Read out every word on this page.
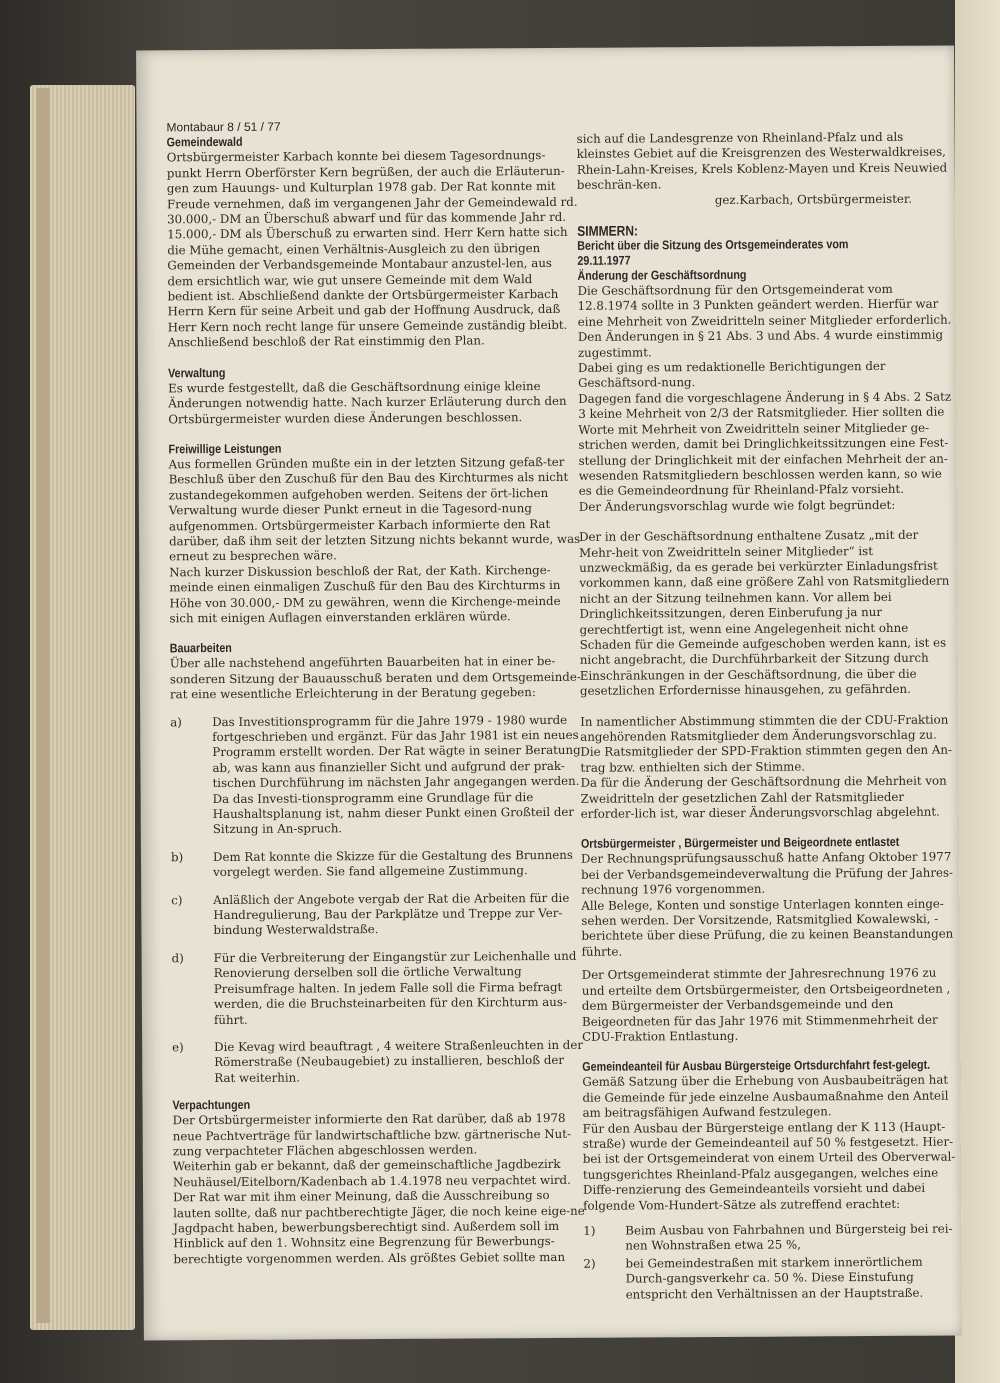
Montabaur 8 / 51 / 77

Gemeindewald

Ortsbürgermeister Karbach konnte bei diesem Tagesordnungs-punkt Herrn Oberförster Kern begrüßen, der auch die Erläuterun-gen zum Hauungs- und Kulturplan 1978 gab. Der Rat konnte mit Freude vernehmen, daß im vergangenen Jahr der Gemeindewald rd. 30.000,- DM an Überschuß abwarf und für das kommende Jahr rd. 15.000,- DM als Überschuß zu erwarten sind. Herr Kern hatte sich die Mühe gemacht, einen Verhältnis-Ausgleich zu den übrigen Gemeinden der Verbandsgemeinde Montabaur anzustel-len, aus dem ersichtlich war, wie gut unsere Gemeinde mit dem Wald bedient ist. Abschließend dankte der Ortsbürgermeister Karbach Herrn Kern für seine Arbeit und gab der Hoffnung Ausdruck, daß Herr Kern noch recht lange für unsere Gemeinde zuständig bleibt. Anschließend beschloß der Rat einstimmig den Plan.

Verwaltung

Es wurde festgestellt, daß die Geschäftsordnung einige kleine Änderungen notwendig hatte. Nach kurzer Erläuterung durch den Ortsbürgermeister wurden diese Änderungen beschlossen.

Freiwillige Leistungen

Aus formellen Gründen mußte ein in der letzten Sitzung gefaß-ter Beschluß über den Zuschuß für den Bau des Kirchturmes als nicht zustandegekommen aufgehoben werden. Seitens der ört-lichen Verwaltung wurde dieser Punkt erneut in die Tagesord-nung aufgenommen. Ortsbürgermeister Karbach informierte den Rat darüber, daß ihm seit der letzten Sitzung nichts bekannt wurde, was erneut zu besprechen wäre.

Nach kurzer Diskussion beschloß der Rat, der Kath. Kirchenge-meinde einen einmaligen Zuschuß für den Bau des Kirchturms in Höhe von 30.000,- DM zu gewähren, wenn die Kirchenge-meinde sich mit einigen Auflagen einverstanden erklären würde.

Bauarbeiten

Über alle nachstehend angeführten Bauarbeiten hat in einer be-sonderen Sitzung der Bauausschuß beraten und dem Ortsgemeinde-rat eine wesentliche Erleichterung in der Beratung gegeben:

a)	Das Investitionsprogramm für die Jahre 1979 - 1980 wurde fortgeschrieben und ergänzt. Für das Jahr 1981 ist ein neues Programm erstellt worden. Der Rat wägte in seiner Beratung ab, was kann aus finanzieller Sicht und aufgrund der prak-tischen Durchführung im nächsten Jahr angegangen werden. Da das Investi-tionsprogramm eine Grundlage für die Haushaltsplanung ist, nahm dieser Punkt einen Großteil der Sitzung in An-spruch.
b)	Dem Rat konnte die Skizze für die Gestaltung des Brunnens vorgelegt werden. Sie fand allgemeine Zustimmung.
c)	Anläßlich der Angebote vergab der Rat die Arbeiten für die Handregulierung, Bau der Parkplätze und Treppe zur Ver-bindung Westerwaldstraße.
d)	Für die Verbreiterung der Eingangstür zur Leichenhalle und Renovierung derselben soll die örtliche Verwaltung Preisumfrage halten. In jedem Falle soll die Firma befragt werden, die die Bruchsteinarbeiten für den Kirchturm aus-führt.
e)	Die Kevag wird beauftragt , 4 weitere Straßenleuchten in der Römerstraße (Neubaugebiet) zu installieren, beschloß der Rat weiterhin.

Verpachtungen

Der Ortsbürgermeister informierte den Rat darüber, daß ab 1978 neue Pachtverträge für landwirtschaftliche bzw. gärtnerische Nut-zung verpachteter Flächen abgeschlossen werden.

Weiterhin gab er bekannt, daß der gemeinschaftliche Jagdbezirk Neuhäusel/Eitelborn/Kadenbach ab 1.4.1978 neu verpachtet wird.

Der Rat war mit ihm einer Meinung, daß die Ausschreibung so lauten sollte, daß nur pachtberechtigte Jäger, die noch keine eige-ne Jagdpacht haben, bewerbungsberechtigt sind. Außerdem soll im Hinblick auf den 1. Wohnsitz eine Begrenzung für Bewerbungs-berechtigte vorgenommen werden. Als größtes Gebiet sollte man

sich auf die Landesgrenze von Rheinland-Pfalz und als kleinstes Gebiet auf die Kreisgrenzen des Westerwaldkreises, Rhein-Lahn-Kreises, Krels Koblenz-Mayen und Kreis Neuwied beschrän-ken.

gez.Karbach, Ortsbürgermeister.

SIMMERN:

Bericht über die Sitzung des Ortsgemeinderates vom

29.11.1977

Änderung der Geschäftsordnung

Die Geschäftsordnung für den Ortsgemeinderat vom 12.8.1974 sollte in 3 Punkten geändert werden. Hierfür war eine Mehrheit von Zweidritteln seiner Mitglieder erforderlich.

Den Änderungen in § 21 Abs. 3 und Abs. 4 wurde einstimmig zugestimmt.

Dabei ging es um redaktionelle Berichtigungen der Geschäftsord-nung.

Dagegen fand die vorgeschlagene Änderung in § 4 Abs. 2 Satz 3 keine Mehrheit von 2/3 der Ratsmitglieder. Hier sollten die Worte mit Mehrheit von Zweidritteln seiner Mitglieder ge-strichen werden, damit bei Dringlichkeitssitzungen eine Fest-stellung der Dringlichkeit mit der einfachen Mehrheit der an-wesenden Ratsmitgliedern beschlossen werden kann, so wie es die Gemeindeordnung für Rheinland-Pfalz vorsieht.

Der Änderungsvorschlag wurde wie folgt begründet:

Der in der Geschäftsordnung enthaltene Zusatz „mit der Mehr-heit von Zweidritteln seiner Mitglieder“ ist unzweckmäßig, da es gerade bei verkürzter Einladungsfrist vorkommen kann, daß eine größere Zahl von Ratsmitgliedern nicht an der Sitzung teilnehmen kann. Vor allem bei Dringlichkeitssitzungen, deren Einberufung ja nur gerechtfertigt ist, wenn eine Angelegenheit nicht ohne Schaden für die Gemeinde aufgeschoben werden kann, ist es nicht angebracht, die Durchführbarkeit der Sitzung durch Einschränkungen in der Geschäftsordnung, die über die gesetzlichen Erfordernisse hinausgehen, zu gefährden.

In namentlicher Abstimmung stimmten die der CDU-Fraktion angehörenden Ratsmitglieder dem Änderungsvorschlag zu.

Die Ratsmitglieder der SPD-Fraktion stimmten gegen den An-trag bzw. enthielten sich der Stimme.

Da für die Änderung der Geschäftsordnung die Mehrheit von Zweidritteln der gesetzlichen Zahl der Ratsmitglieder erforder-lich ist, war dieser Änderungsvorschlag abgelehnt.

Ortsbürgermeister , Bürgermeister und Beigeordnete entlastet

Der Rechnungsprüfungsausschuß hatte Anfang Oktober 1977 bei der Verbandsgemeindeverwaltung die Prüfung der Jahres-rechnung 1976 vorgenommen.

Alle Belege, Konten und sonstige Unterlagen konnten einge-sehen werden. Der Vorsitzende, Ratsmitglied Kowalewski, -berichtete über diese Prüfung, die zu keinen Beanstandungen führte.

Der Ortsgemeinderat stimmte der Jahresrechnung 1976 zu und erteilte dem Ortsbürgermeister, den Ortsbeigeordneten , dem Bürgermeister der Verbandsgemeinde und den Beigeordneten für das Jahr 1976 mit Stimmenmehrheit der CDU-Fraktion Entlastung.

Gemeindeanteil für Ausbau Bürgersteige Ortsdurchfahrt fest-gelegt.

Gemäß Satzung über die Erhebung von Ausbaubeiträgen hat die Gemeinde für jede einzelne Ausbaumaßnahme den Anteil am beitragsfähigen Aufwand festzulegen.

Für den Ausbau der Bürgersteige entlang der K 113 (Haupt-straße) wurde der Gemeindeanteil auf 50 % festgesetzt. Hier-bei ist der Ortsgemeinderat von einem Urteil des Oberverwal-tungsgerichtes Rheinland-Pfalz ausgegangen, welches eine Diffe-renzierung des Gemeindeanteils vorsieht und dabei folgende Vom-Hundert-Sätze als zutreffend erachtet:

1)	Beim Ausbau von Fahrbahnen und Bürgersteig bei rei-nen Wohnstraßen etwa 25 %,
2)	bei Gemeindestraßen mit starkem innerörtlichem Durch-gangsverkehr ca. 50 %. Diese Einstufung entspricht den Verhältnissen an der Hauptstraße.
